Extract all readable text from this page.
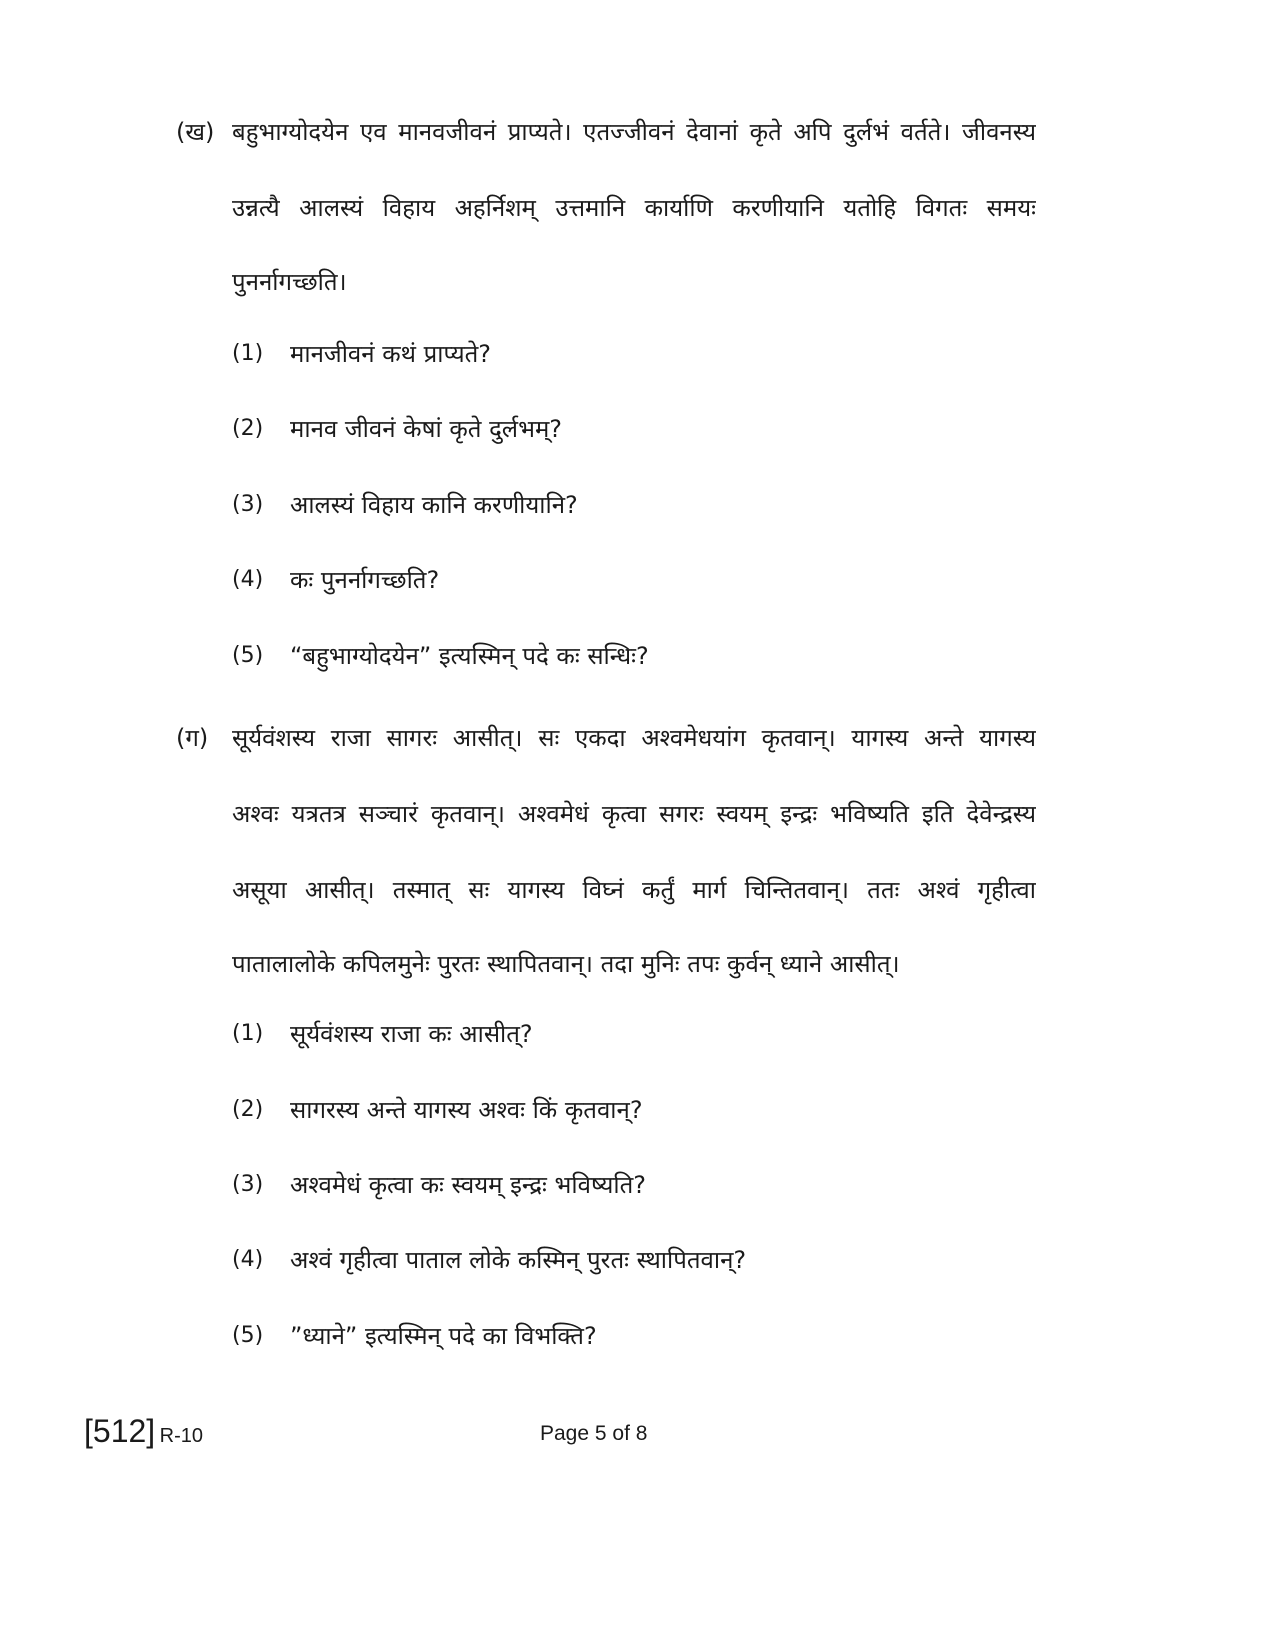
(ख) बहुभाग्योदयेन एव मानवजीवनं प्राप्यते। एतज्जीवनं देवानां कृते अपि दुर्लभं वर्तते। जीवनस्य
उन्नत्यै आलस्यं विहाय अहर्निशम् उत्तमानि कार्याणि करणीयानि यतोहि विगतः समयः
पुनर्नागच्छति।
(1) मानजीवनं कथं प्राप्यते?
(2) मानव जीवनं केषां कृते दुर्लभम्?
(3) आलस्यं विहाय कानि करणीयानि?
(4) कः पुनर्नागच्छति?
(5) “बहुभाग्योदयेन” इत्यस्मिन् पदे कः सन्धिः?
(ग) सूर्यवंशस्य राजा सागरः आसीत्। सः एकदा अश्वमेधयांग कृतवान्। यागस्य अन्ते यागस्य
अश्वः यत्रतत्र सञ्चारं कृतवान्। अश्वमेधं कृत्वा सगरः स्वयम् इन्द्रः भविष्यति इति देवेन्द्रस्य
असूया आसीत्। तस्मात् सः यागस्य विघ्नं कर्तुं मार्ग चिन्तितवान्। ततः अश्वं गृहीत्वा
पातालालोके कपिलमुनेः पुरतः स्थापितवान्। तदा मुनिः तपः कुर्वन् ध्याने आसीत्।
(1) सूर्यवंशस्य राजा कः आसीत्?
(2) सागरस्य अन्ते यागस्य अश्वः किं कृतवान्?
(3) अश्वमेधं कृत्वा कः स्वयम् इन्द्रः भविष्यति?
(4) अश्वं गृहीत्वा पाताल लोके कस्मिन् पुरतः स्थापितवान्?
(5) ”ध्याने” इत्यस्मिन् पदे का विभक्ति?
[512] R-10	Page 5 of 8
